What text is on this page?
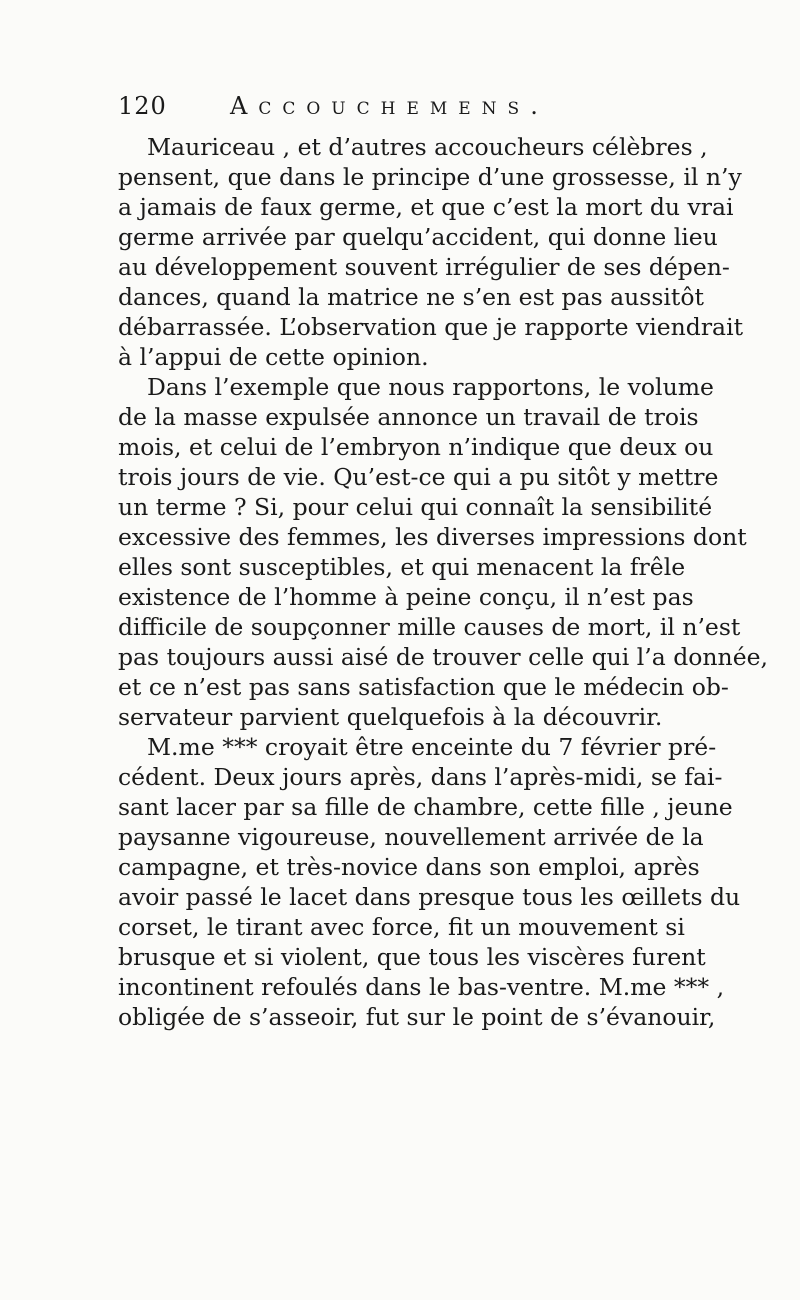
120	Accouchemens.
Mauriceau , et d’autres accoucheurs célèbres ,
pensent, que dans le principe d’une grossesse, il n’y
a jamais de faux germe, et que c’est la mort du vrai
germe arrivée par quelqu’accident, qui donne lieu
au développement souvent irrégulier de ses dépen-
dances, quand la matrice ne s’en est pas aussitôt
débarrassée. L’observation que je rapporte viendrait
à l’appui de cette opinion.
Dans l’exemple que nous rapportons, le volume
de la masse expulsée annonce un travail de trois
mois, et celui de l’embryon n’indique que deux ou
trois jours de vie. Qu’est-ce qui a pu sitôt y mettre
un terme ? Si, pour celui qui connaît la sensibilité
excessive des femmes, les diverses impressions dont
elles sont susceptibles, et qui menacent la frêle
existence de l’homme à peine conçu, il n’est pas
difficile de soupçonner mille causes de mort, il n’est
pas toujours aussi aisé de trouver celle qui l’a donnée,
et ce n’est pas sans satisfaction que le médecin ob-
servateur parvient quelquefois à la découvrir.
M.me *** croyait être enceinte du 7 février pré-
cédent. Deux jours après, dans l’après-midi, se fai-
sant lacer par sa fille de chambre, cette fille , jeune
paysanne vigoureuse, nouvellement arrivée de la
campagne, et très-novice dans son emploi, après
avoir passé le lacet dans presque tous les œillets du
corset, le tirant avec force, fit un mouvement si
brusque et si violent, que tous les viscères furent
incontinent refoulés dans le bas-ventre. M.me *** ,
obligée de s’asseoir, fut sur le point de s’évanouir,
